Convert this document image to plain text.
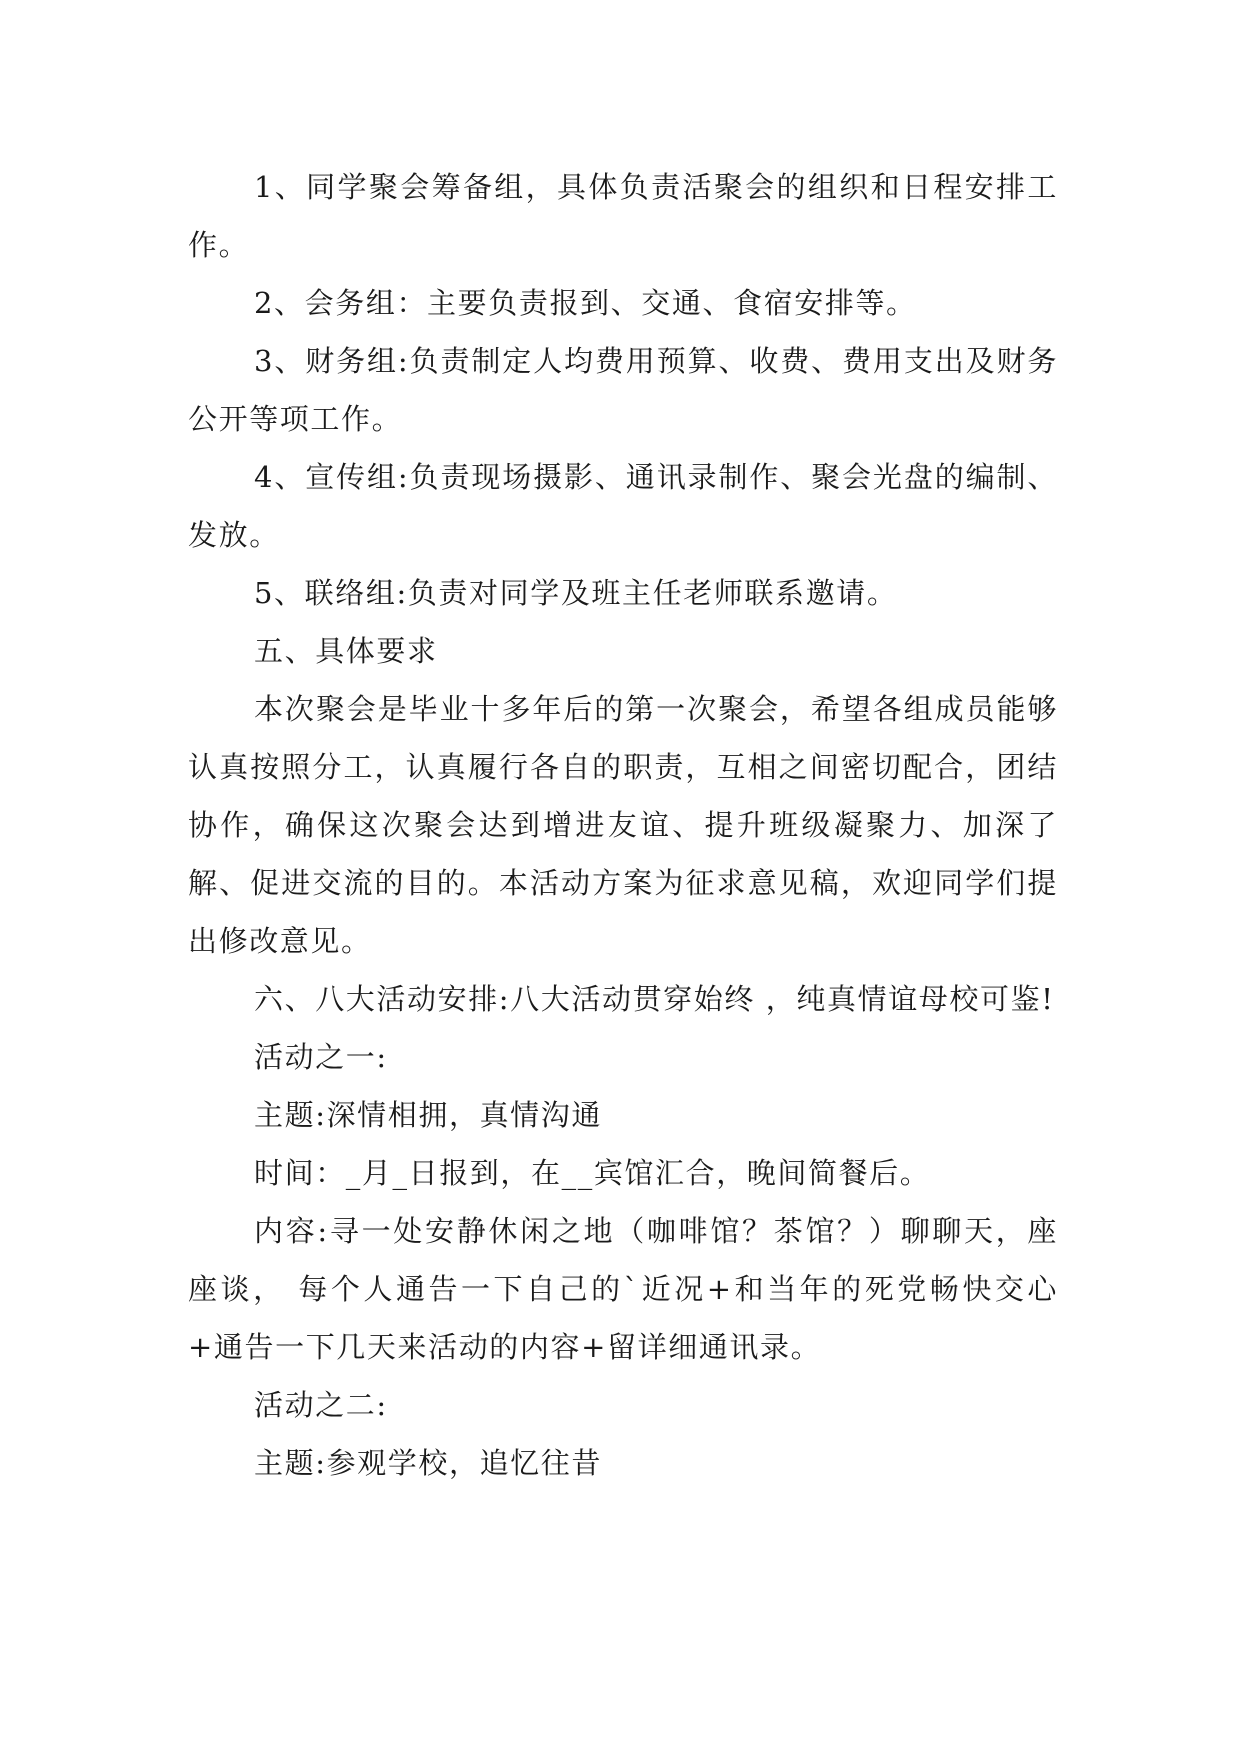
1、同学聚会筹备组，具体负责活聚会的组织和日程安排工作。

2、会务组：主要负责报到、交通、食宿安排等。

3、财务组:负责制定人均费用预算、收费、费用支出及财务公开等项工作。

4、宣传组:负责现场摄影、通讯录制作、聚会光盘的编制、发放。

5、联络组:负责对同学及班主任老师联系邀请。

五、具体要求

本次聚会是毕业十多年后的第一次聚会，希望各组成员能够认真按照分工，认真履行各自的职责，互相之间密切配合，团结协作，确保这次聚会达到增进友谊、提升班级凝聚力、加深了解、促进交流的目的。本活动方案为征求意见稿，欢迎同学们提出修改意见。

六、八大活动安排:八大活动贯穿始终 ，纯真情谊母校可鉴!

活动之一:

主题:深情相拥，真情沟通

时间：_月_日报到，在__宾馆汇合，晚间简餐后。

内容:寻一处安静休闲之地（咖啡馆？茶馆？）聊聊天，座座谈， 每个人通告一下自己的`近况+和当年的死党畅快交心+通告一下几天来活动的内容+留详细通讯录。

活动之二:

主题:参观学校，追忆往昔
